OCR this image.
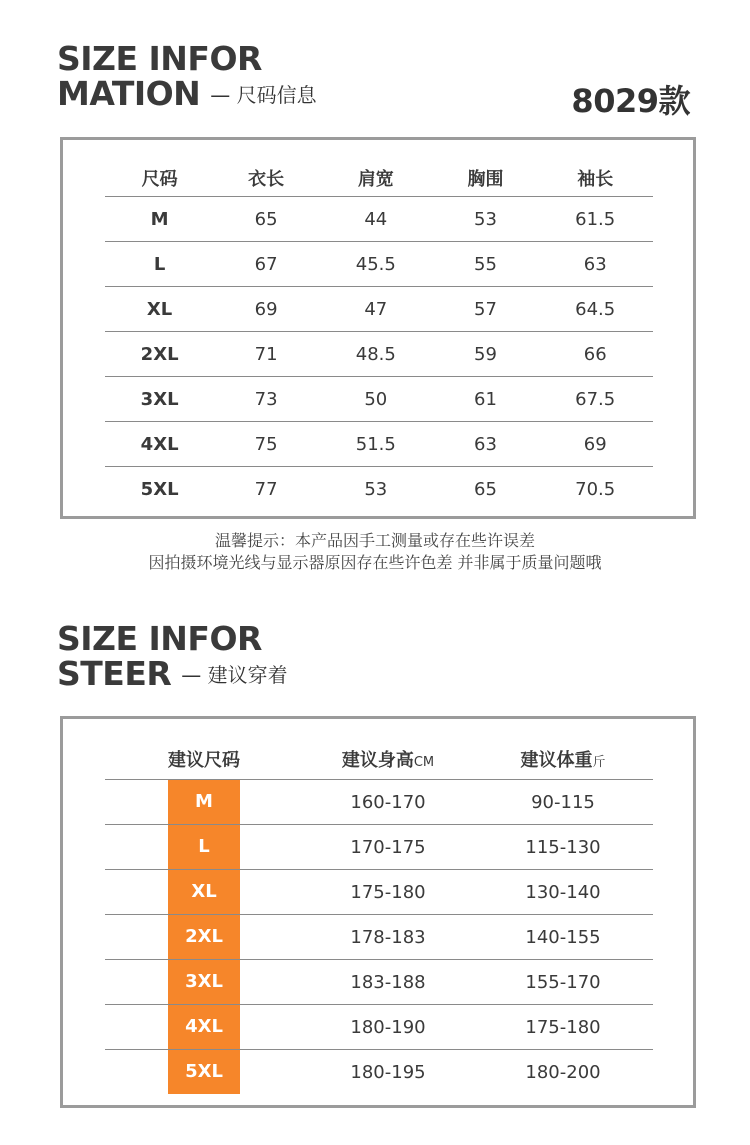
SIZE INFOR
MATION — 尺码信息	8029款
尺码	衣长	肩宽	胸围	袖长
M	65	44	53	61.5
L	67	45.5	55	63
XL	69	47	57	64.5
2XL	71	48.5	59	66
3XL	73	50	61	67.5
4XL	75	51.5	63	69
5XL	77	53	65	70.5
温馨提示：本产品因手工测量或存在些许误差
因拍摄环境光线与显示器原因存在些许色差 并非属于质量问题哦
SIZE INFOR
STEER — 建议穿着
建议尺码	建议身高CM	建议体重斤

M	160-170	90-115

L	170-175	115-130

XL	175-180	130-140

2XL	178-183	140-155

3XL	183-188	155-170

4XL	180-190	175-180

5XL	180-195	180-200
